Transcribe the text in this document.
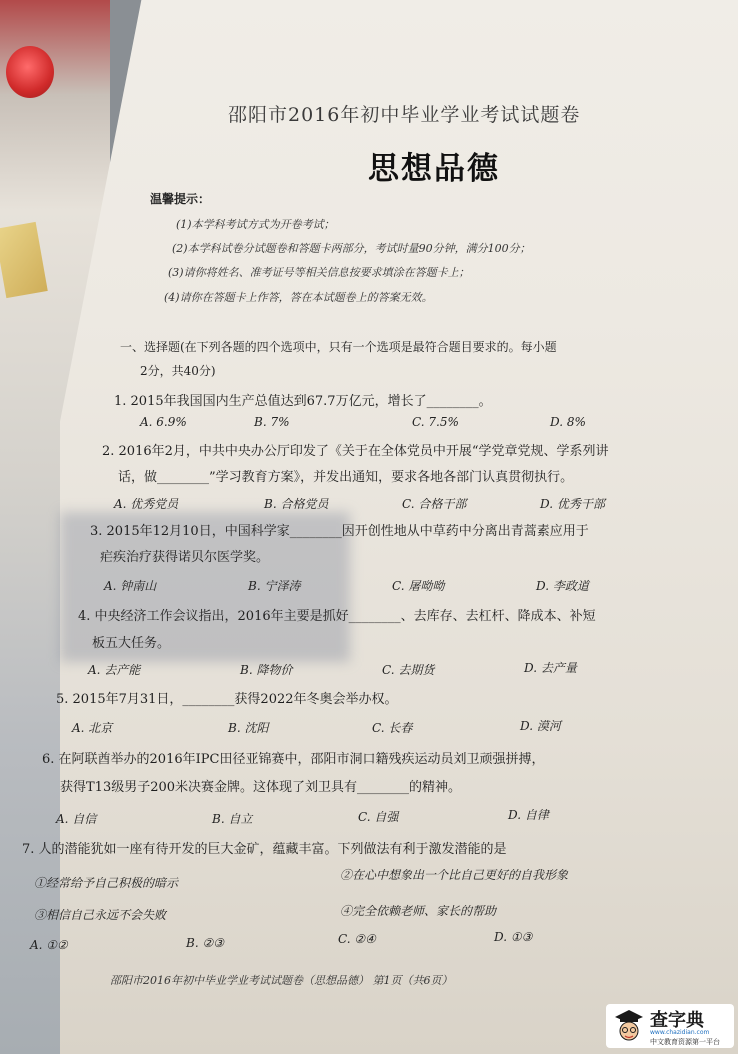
邵阳市2016年初中毕业学业考试试题卷
思想品德
温馨提示：
(1)本学科考试方式为开卷考试；
(2)本学科试卷分试题卷和答题卡两部分，考试时量90分钟，满分100分；
(3)请你将姓名、准考证号等相关信息按要求填涂在答题卡上；
(4)请你在答题卡上作答，答在本试题卷上的答案无效。
一、选择题(在下列各题的四个选项中，只有一个选项是最符合题目要求的。每小题
2分，共40分)
1. 2015年我国国内生产总值达到67.7万亿元，增长了________。
A. 6.9%	B. 7%	C. 7.5%	D. 8%
2. 2016年2月，中共中央办公厅印发了《关于在全体党员中开展“学党章党规、学系列讲
话，做________”学习教育方案》，并发出通知，要求各地各部门认真贯彻执行。
A. 优秀党员	B. 合格党员	C. 合格干部	D. 优秀干部
3. 2015年12月10日，中国科学家________因开创性地从中草药中分离出青蒿素应用于
疟疾治疗获得诺贝尔医学奖。
A. 钟南山	B. 宁泽涛	C. 屠呦呦	D. 李政道
4. 中央经济工作会议指出，2016年主要是抓好________、去库存、去杠杆、降成本、补短
板五大任务。
A. 去产能	B. 降物价	C. 去期货	D. 去产量
5. 2015年7月31日，________获得2022年冬奥会举办权。
A. 北京	B. 沈阳	C. 长春	D. 漠河
6. 在阿联酋举办的2016年IPC田径亚锦赛中，邵阳市洞口籍残疾运动员刘卫顽强拼搏，
获得T13级男子200米决赛金牌。这体现了刘卫具有________的精神。
A. 自信	B. 自立	C. 自强	D. 自律
7. 人的潜能犹如一座有待开发的巨大金矿，蕴藏丰富。下列做法有利于激发潜能的是
①经常给予自己积极的暗示
②在心中想象出一个比自己更好的自我形象
③相信自己永远不会失败	④完全依赖老师、家长的帮助
A. ①②	B. ②③	C. ②④	D. ①③
邵阳市2016年初中毕业学业考试试题卷（思想品德） 第1页（共6页）
查字典
www.chazidian.com
中文教育资源第一平台
